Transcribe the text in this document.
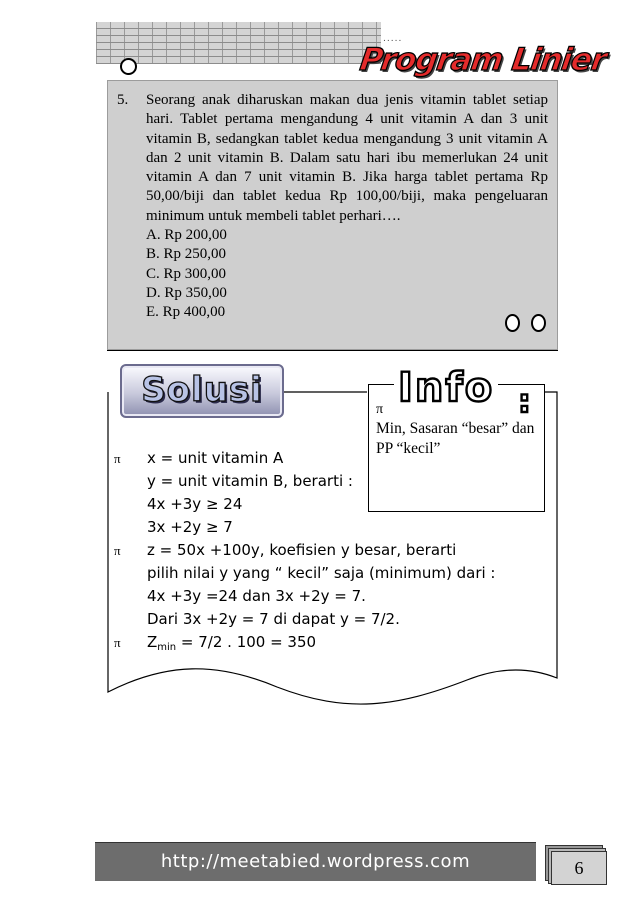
.....
Program Linier
5. Seorang anak diharuskan makan dua jenis vitamin tablet setiap hari. Tablet pertama mengandung 4 unit vitamin A dan 3 unit vitamin B, sedangkan tablet kedua mengandung 3 unit vitamin A dan 2 unit vitamin B. Dalam satu hari ibu memerlukan 24 unit vitamin A dan 7 unit vitamin B. Jika harga tablet pertama Rp 50,00/biji dan tablet kedua Rp 100,00/biji, maka pengeluaran minimum untuk membeli tablet perhari….

A. Rp 200,00
B. Rp 250,00
C. Rp 300,00
D. Rp 350,00
E. Rp 400,00
Solusi	Info :
π
Min, Sasaran “besar” dan PP “kecil”
π x = unit vitamin A
y = unit vitamin B, berarti :
4x +3y ≥ 24
3x +2y ≥ 7
π z = 50x +100y, koefisien y besar, berarti
pilih nilai y yang “ kecil” saja (minimum) dari :
4x +3y =24 dan 3x +2y = 7.
Dari 3x +2y = 7 di dapat y = 7/2.
π $Z_{min} = 7/2$ . 100 = 350
http://meetabied.wordpress.com	6
